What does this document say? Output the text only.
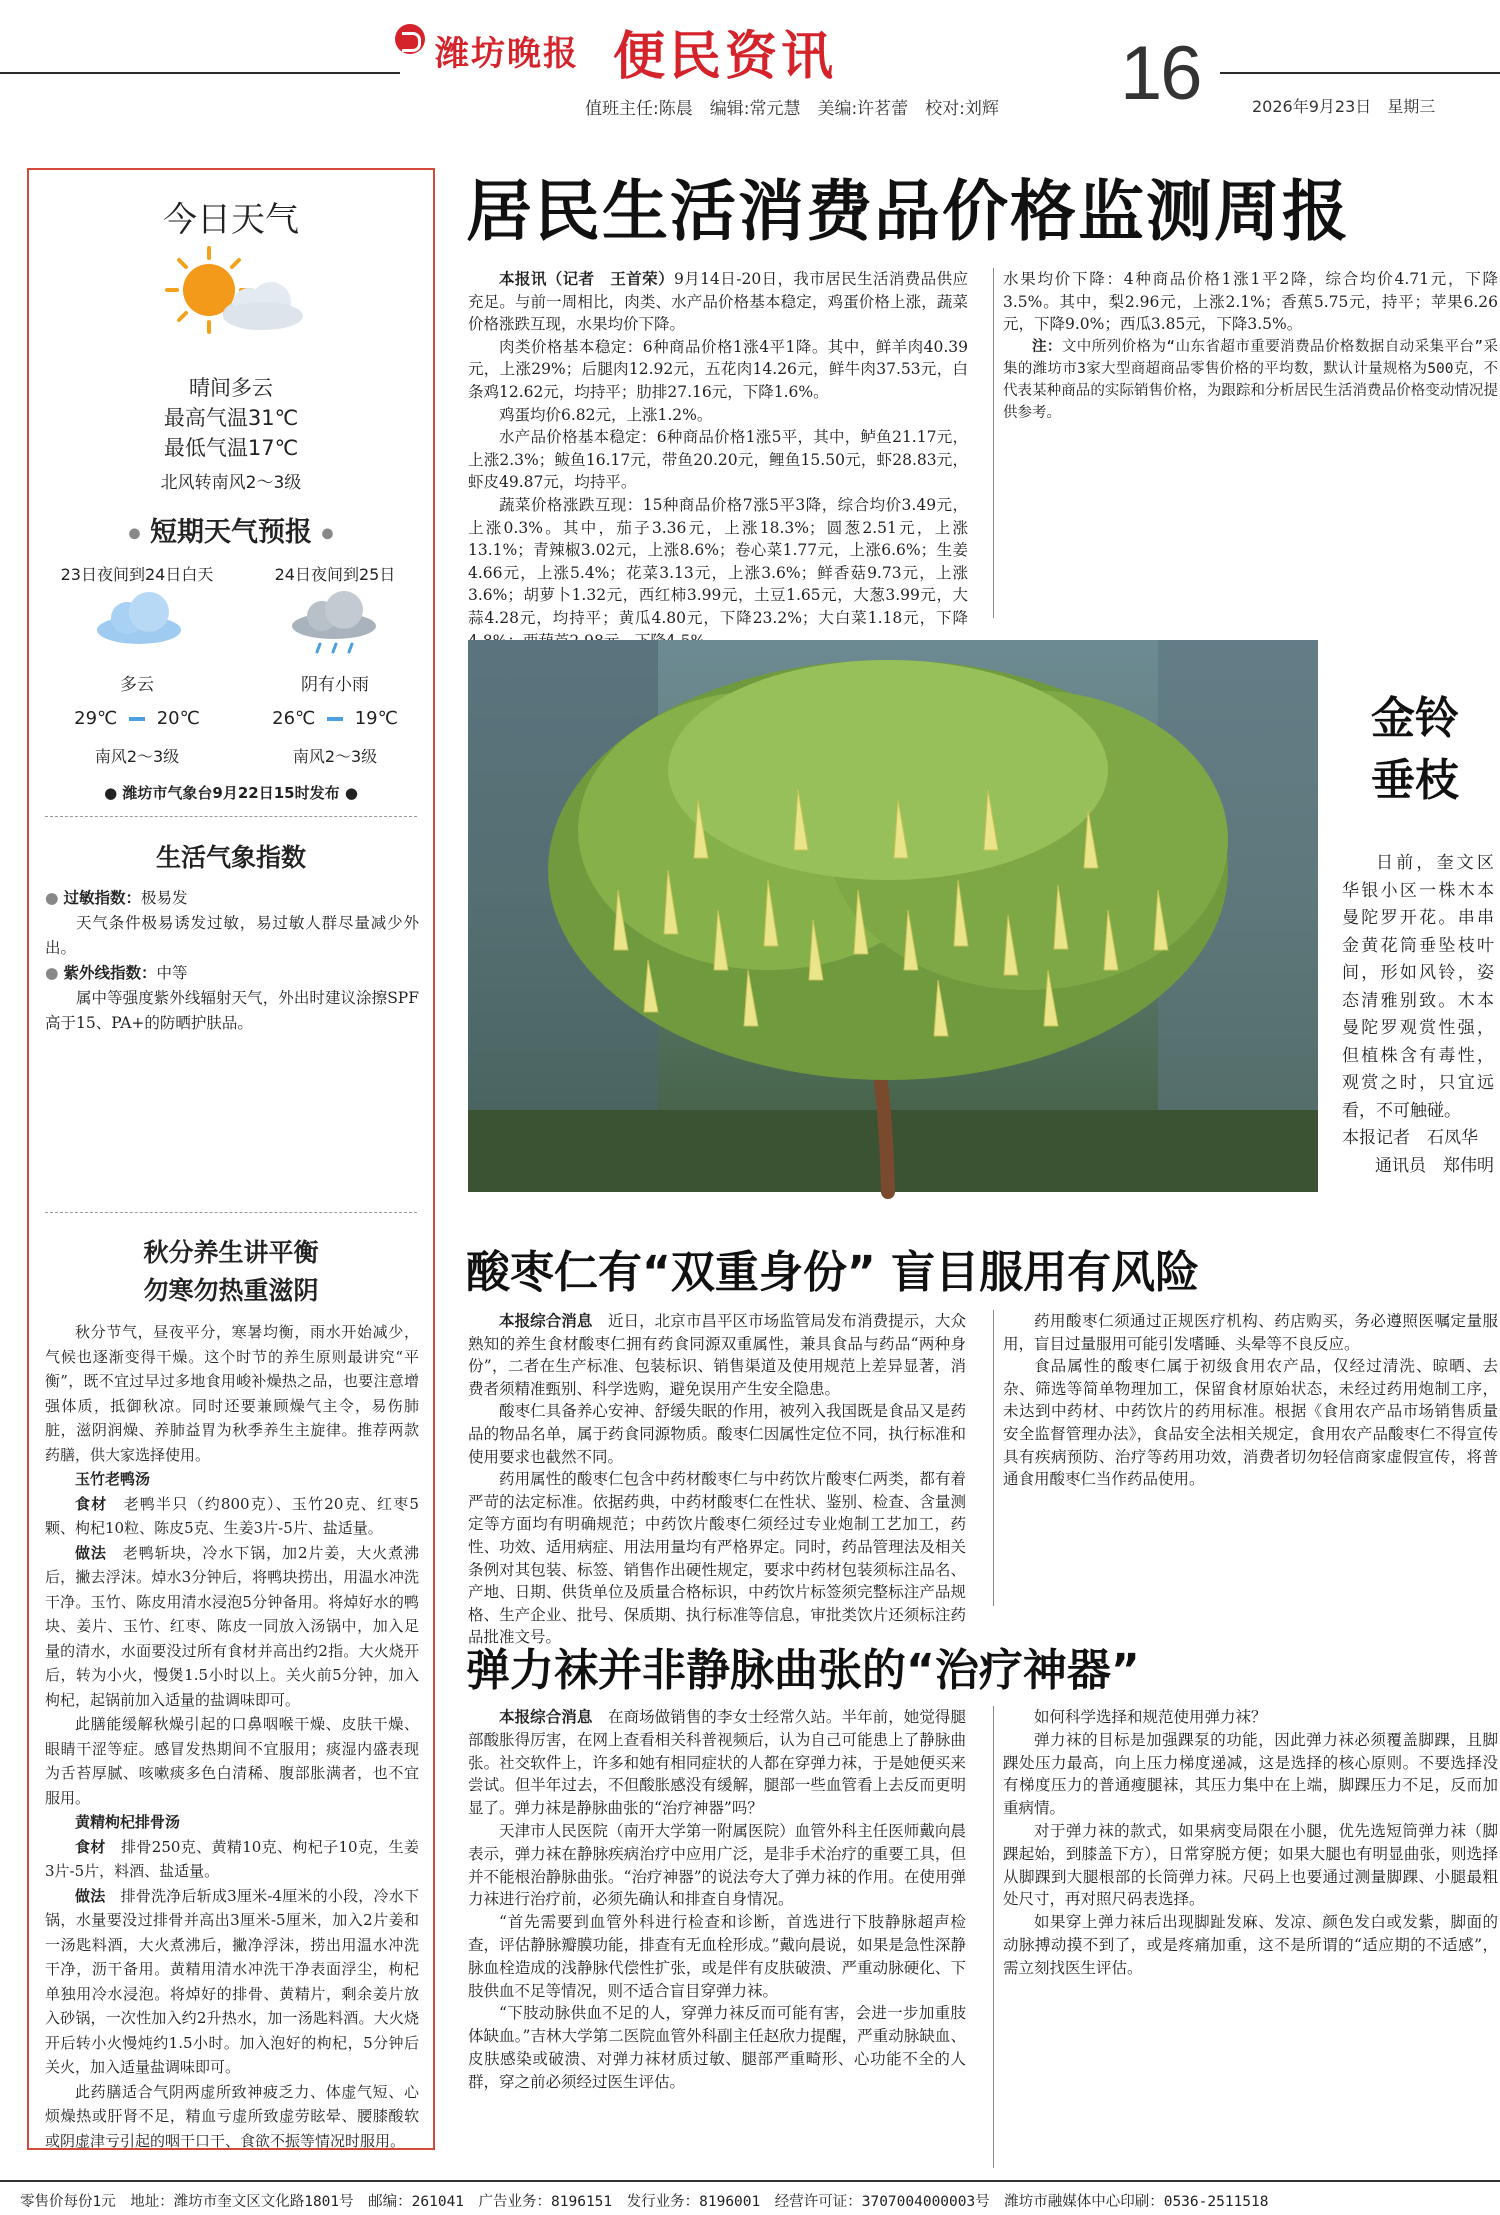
潍坊晚报 便民资讯	16
值班主任:陈晨　编辑:常元慧　美编:许茗蕾　校对:刘辉	2026年9月23日　星期三
今日天气
晴间多云
最高气温31℃
最低气温17℃
北风转南风2～3级
● 短期天气预报 ●
23日夜间到24日白天	24日夜间到25日
多云	阴有小雨
29℃ 20℃	26℃ 19℃
南风2～3级	南风2～3级
● 潍坊市气象台9月22日15时发布 ●
生活气象指数
● 过敏指数：极易发
天气条件极易诱发过敏，易过敏人群尽量减少外出。
● 紫外线指数：中等
属中等强度紫外线辐射天气，外出时建议涂擦SPF高于15、PA+的防晒护肤品。
秋分养生讲平衡
勿寒勿热重滋阴
秋分节气，昼夜平分，寒暑均衡，雨水开始减少，气候也逐渐变得干燥。这个时节的养生原则最讲究“平衡”，既不宜过早过多地食用峻补燥热之品，也要注意增强体质，抵御秋凉。同时还要兼顾燥气主令，易伤肺脏，滋阴润燥、养肺益胃为秋季养生主旋律。推荐两款药膳，供大家选择使用。
玉竹老鸭汤
食材　 老鸭半只（约800克）、玉竹20克、红枣5颗、枸杞10粒、陈皮5克、生姜3片-5片、盐适量。
做法　 老鸭斩块，冷水下锅，加2片姜，大火煮沸后，撇去浮沫。焯水3分钟后，将鸭块捞出，用温水冲洗干净。玉竹、陈皮用清水浸泡5分钟备用。将焯好水的鸭块、姜片、玉竹、红枣、陈皮一同放入汤锅中，加入足量的清水，水面要没过所有食材并高出约2指。大火烧开后，转为小火，慢煲1.5小时以上。关火前5分钟，加入枸杞，起锅前加入适量的盐调味即可。
此膳能缓解秋燥引起的口鼻咽喉干燥、皮肤干燥、眼睛干涩等症。感冒发热期间不宜服用；痰湿内盛表现为舌苔厚腻、咳嗽痰多色白清稀、腹部胀满者，也不宜服用。
黄精枸杞排骨汤
食材　 排骨250克、黄精10克、枸杞子10克，生姜3片-5片，料酒、盐适量。
做法　 排骨洗净后斩成3厘米-4厘米的小段，冷水下锅，水量要没过排骨并高出3厘米-5厘米，加入2片姜和一汤匙料酒，大火煮沸后，撇净浮沫，捞出用温水冲洗干净，沥干备用。黄精用清水冲洗干净表面浮尘，枸杞单独用冷水浸泡。将焯好的排骨、黄精片，剩余姜片放入砂锅，一次性加入约2升热水，加一汤匙料酒。大火烧开后转小火慢炖约1.5小时。加入泡好的枸杞，5分钟后关火，加入适量盐调味即可。
此药膳适合气阴两虚所致神疲乏力、体虚气短、心烦燥热或肝肾不足，精血亏虚所致虚劳眩晕、腰膝酸软或阴虚津亏引起的咽干口干、食欲不振等情况时服用。
居民生活消费品价格监测周报

本报讯（记者　王首荣）9月14日-20日，我市居民生活消费品供应充足。与前一周相比，肉类、水产品价格基本稳定，鸡蛋价格上涨，蔬菜价格涨跌互现，水果均价下降。

肉类价格基本稳定：6种商品价格1涨4平1降。其中，鲜羊肉40.39元，上涨29%；后腿肉12.92元，五花肉14.26元，鲜牛肉37.53元，白条鸡12.62元，均持平；肋排27.16元，下降1.6%。

鸡蛋均价6.82元，上涨1.2%。

水产品价格基本稳定：6种商品价格1涨5平，其中，鲈鱼21.17元，上涨2.3%；鲅鱼16.17元，带鱼20.20元，鲤鱼15.50元，虾28.83元，虾皮49.87元，均持平。

蔬菜价格涨跌互现：15种商品价格7涨5平3降，综合均价3.49元，上涨0.3%。其中，茄子3.36元，上涨18.3%；圆葱2.51元，上涨13.1%；青辣椒3.02元，上涨8.6%；卷心菜1.77元，上涨6.6%；生姜4.66元，上涨5.4%；花菜3.13元，上涨3.6%；鲜香菇9.73元，上涨3.6%；胡萝卜1.32元，西红柿3.99元，土豆1.65元，大葱3.99元，大蒜4.28元，均持平；黄瓜4.80元，下降23.2%；大白菜1.18元，下降

水果均价下降：4种商品价格1涨1平2降，综合均价4.71元，下降3.5%。其中，梨2.96元，上涨2.1%；香蕉5.75元，持平；苹果6.26元，下降9.0%；西瓜3.85元，下降3.5%。

注：文中所列价格为“山东省超市重要消费品价格数据自动采集平台”采集的潍坊市3家大型商超商品零售价格的平均数，默认计量规格为500克，不代表某种商品的实际销售价格，为跟踪和分析居民生活消费品价格变动情况提供参考。

金铃
垂枝
日前，奎文区华银小区一株木本曼陀罗开花。串串金黄花筒垂坠枝叶间，形如风铃，姿态清雅别致。木本曼陀罗观赏性强，但植株含有毒性，观赏之时，只宜远看，不可触碰。
本报记者　石凤华
通讯员　郑伟明
酸枣仁有“双重身份” 盲目服用有风险

本报综合消息　 近日，北京市昌平区市场监管局发布消费提示，大众熟知的养生食材酸枣仁拥有药食同源双重属性，兼具食品与药品“两种身份”，二者在生产标准、包装标识、销售渠道及使用规范上差异显著，消费者须精准甄别、科学选购，避免误用产生安全隐患。

酸枣仁具备养心安神、舒缓失眠的作用，被列入我国既是食品又是药品的物品名单，属于药食同源物质。酸枣仁因属性定位不同，执行标准和使用要求也截然不同。

药用属性的酸枣仁包含中药材酸枣仁与中药饮片酸枣仁两类，都有着严苛的法定标准。依据药典，中药材酸枣仁在性状、鉴别、检查、含量测定等方面均有明确规范；中药饮片酸枣仁须经过专业炮制工艺加工，药性、功效、适用病症、用法用量均有严格界定。同时，药品管理法及相关条例对其包装、标签、销售作出硬性规定，要求中药材包装须标注品名、产地、日期、供货单位及质量合格标识，中药饮片标签须完整标注产品规格、生产企业、批号、保质期、执行标准等信息，审批类饮片还须标注药品批准文号。

药用酸枣仁须通过正规医疗机构、药店购买，务必遵照医嘱定量服用，盲目过量服用可能引发嗜睡、头晕等不良反应。

食品属性的酸枣仁属于初级食用农产品，仅经过清洗、晾晒、去杂、筛选等简单物理加工，保留食材原始状态，未经过药用炮制工序，未达到中药材、中药饮片的药用标准。根据《食用农产品市场销售质量安全监督管理办法》，食品安全法相关规定，食用农产品酸枣仁不得宣传具有疾病预防、治疗等药用功效，消费者切勿轻信商家虚假宣传，将普通食用酸枣仁当作药品使用。

弹力袜并非静脉曲张的“治疗神器”

本报综合消息　 在商场做销售的李女士经常久站。半年前，她觉得腿部酸胀得厉害，在网上查看相关科普视频后，认为自己可能患上了静脉曲张。社交软件上，许多和她有相同症状的人都在穿弹力袜，于是她便买来尝试。但半年过去，不但酸胀感没有缓解，腿部一些血管看上去反而更明显了。弹力袜是静脉曲张的“治疗神器”吗？

天津市人民医院（南开大学第一附属医院）血管外科主任医师戴向晨表示，弹力袜在静脉疾病治疗中应用广泛，是非手术治疗的重要工具，但并不能根治静脉曲张。“治疗神器”的说法夸大了弹力袜的作用。在使用弹力袜进行治疗前，必须先确认和排查自身情况。

“首先需要到血管外科进行检查和诊断，首选进行下肢静脉超声检查，评估静脉瓣膜功能，排查有无血栓形成。”戴向晨说，如果是急性深静脉血栓造成的浅静脉代偿性扩张，或是伴有皮肤破溃、严重动脉硬化、下肢供血不足等情况，则不适合盲目穿弹力袜。

“下肢动脉供血不足的人，穿弹力袜反而可能有害，会进一步加重肢体缺血。”吉林大学第二医院血管外科副主任赵欣力提醒，严重动脉缺血、皮肤感染或破溃、对弹力袜材质过敏、腿部严重畸形、心功能不全的人群，穿之前必须经过医生评估。

如何科学选择和规范使用弹力袜？

弹力袜的目标是加强踝泵的功能，因此弹力袜必须覆盖脚踝，且脚踝处压力最高，向上压力梯度递减，这是选择的核心原则。不要选择没有梯度压力的普通瘦腿袜，其压力集中在上端，脚踝压力不足，反而加重病情。

对于弹力袜的款式，如果病变局限在小腿，优先选短筒弹力袜（脚踝起始，到膝盖下方），日常穿脱方便；如果大腿也有明显曲张，则选择从脚踝到大腿根部的长筒弹力袜。尺码上也要通过测量脚踝、小腿最粗处尺寸，再对照尺码表选择。

如果穿上弹力袜后出现脚趾发麻、发凉、颜色发白或发紫，脚面的动脉搏动摸不到了，或是疼痛加重，这不是所谓的“适应期的不适感”，需立刻找医生评估。

零售价每份1元　地址：潍坊市奎文区文化路1801号　邮编：261041　广告业务：8196151　发行业务：8196001　经营许可证：3707004000003号　潍坊市融媒体中心印刷：0536-2511518
